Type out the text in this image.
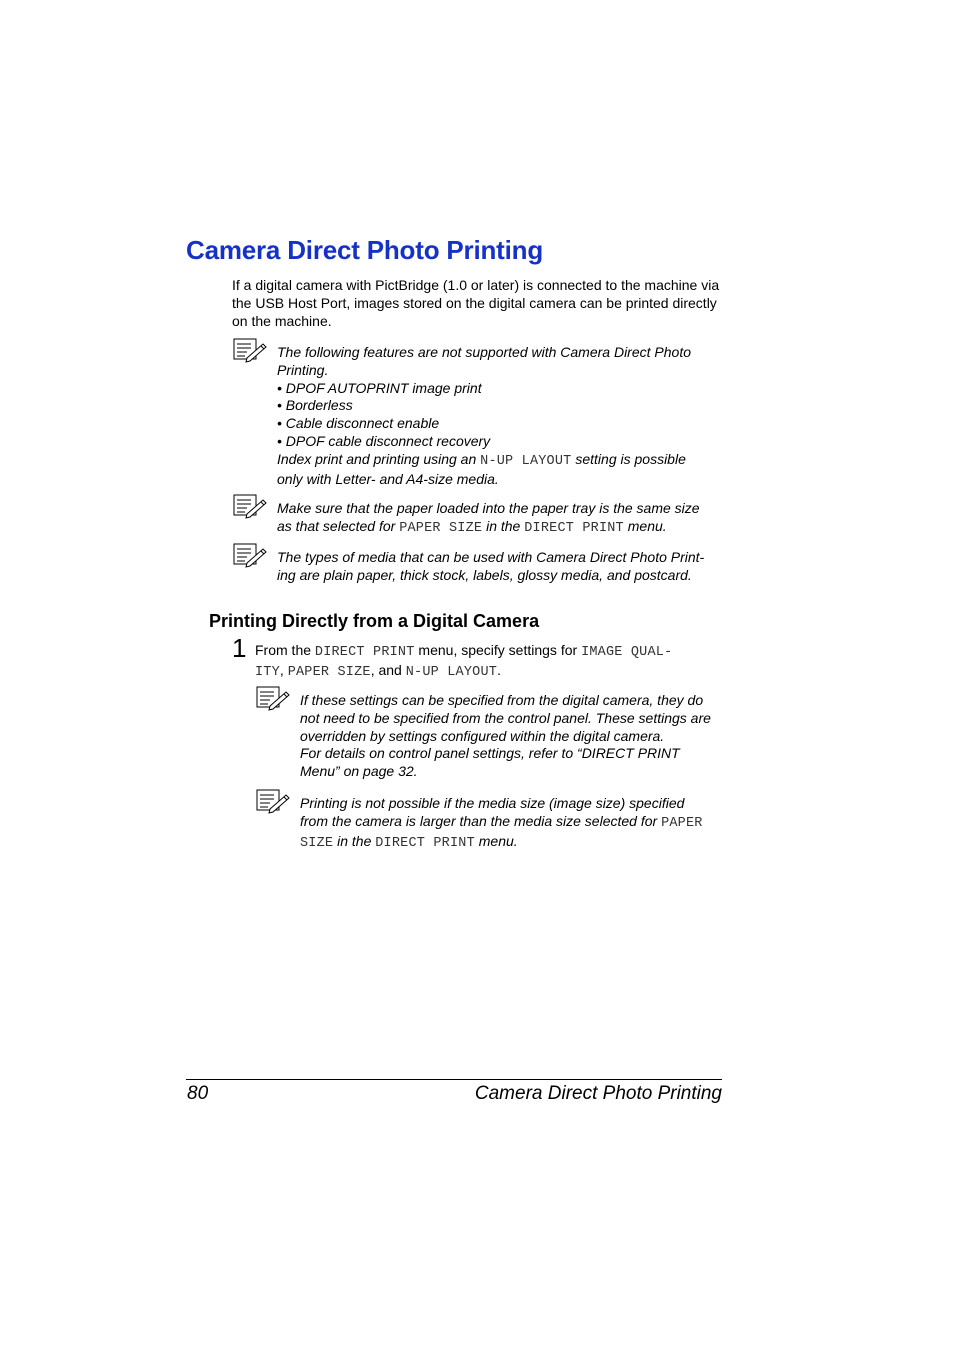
Camera Direct Photo Printing
If a digital camera with PictBridge (1.0 or later) is connected to the machine via the USB Host Port, images stored on the digital camera can be printed directly on the machine.
The following features are not supported with Camera Direct Photo Printing.
• DPOF AUTOPRINT image print
• Borderless
• Cable disconnect enable
• DPOF cable disconnect recovery
Index print and printing using an N-UP LAYOUT setting is possible
only with Letter- and A4-size media.
Make sure that the paper loaded into the paper tray is the same size
as that selected for PAPER SIZE in the DIRECT PRINT menu.
The types of media that can be used with Camera Direct Photo Print-
ing are plain paper, thick stock, labels, glossy media, and postcard.
Printing Directly from a Digital Camera
1 From the DIRECT PRINT menu, specify settings for IMAGE QUAL-
ITY, PAPER SIZE, and N-UP LAYOUT.
If these settings can be specified from the digital camera, they do
not need to be specified from the control panel. These settings are
overridden by settings configured within the digital camera.
For details on control panel settings, refer to “DIRECT PRINT
Menu” on page 32.
Printing is not possible if the media size (image size) specified
from the camera is larger than the media size selected for PAPER
SIZE in the DIRECT PRINT menu.
80	Camera Direct Photo Printing
